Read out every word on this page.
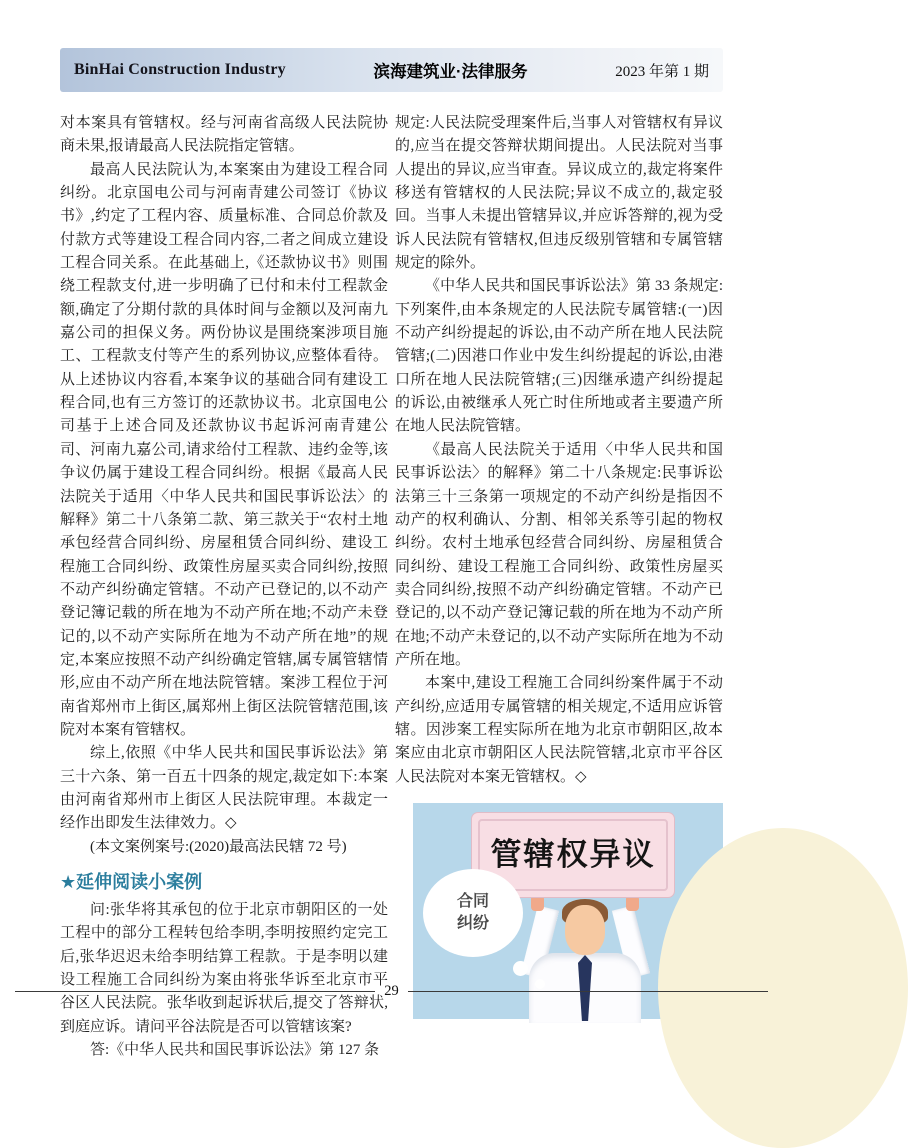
BinHai Construction Industry	滨海建筑业·法律服务	2023 年第 1 期

对本案具有管辖权。经与河南省高级人民法院协商未果,报请最高人民法院指定管辖。

最高人民法院认为,本案案由为建设工程合同纠纷。北京国电公司与河南青建公司签订《协议书》,约定了工程内容、质量标准、合同总价款及付款方式等建设工程合同内容,二者之间成立建设工程合同关系。在此基础上,《还款协议书》则围绕工程款支付,进一步明确了已付和未付工程款金额,确定了分期付款的具体时间与金额以及河南九嘉公司的担保义务。两份协议是围绕案涉项目施工、工程款支付等产生的系列协议,应整体看待。从上述协议内容看,本案争议的基础合同有建设工程合同,也有三方签订的还款协议书。北京国电公司基于上述合同及还款协议书起诉河南青建公司、河南九嘉公司,请求给付工程款、违约金等,该争议仍属于建设工程合同纠纷。根据《最高人民法院关于适用〈中华人民共和国民事诉讼法〉的解释》第二十八条第二款、第三款关于“农村土地承包经营合同纠纷、房屋租赁合同纠纷、建设工程施工合同纠纷、政策性房屋买卖合同纠纷,按照不动产纠纷确定管辖。不动产已登记的,以不动产登记簿记载的所在地为不动产所在地;不动产未登记的,以不动产实际所在地为不动产所在地”的规定,本案应按照不动产纠纷确定管辖,属专属管辖情形,应由不动产所在地法院管辖。案涉工程位于河南省郑州市上街区,属郑州上街区法院管辖范围,该院对本案有管辖权。

综上,依照《中华人民共和国民事诉讼法》第三十六条、第一百五十四条的规定,裁定如下:本案由河南省郑州市上街区人民法院审理。本裁定一经作出即发生法律效力。◇

(本文案例案号:(2020)最高法民辖 72 号)

★延伸阅读小案例

问:张华将其承包的位于北京市朝阳区的一处工程中的部分工程转包给李明,李明按照约定完工后,张华迟迟未给李明结算工程款。于是李明以建设工程施工合同纠纷为案由将张华诉至北京市平谷区人民法院。张华收到起诉状后,提交了答辩状,到庭应诉。请问平谷法院是否可以管辖该案?

答:《中华人民共和国民事诉讼法》第 127 条

规定:人民法院受理案件后,当事人对管辖权有异议的,应当在提交答辩状期间提出。人民法院对当事人提出的异议,应当审查。异议成立的,裁定将案件移送有管辖权的人民法院;异议不成立的,裁定驳回。当事人未提出管辖异议,并应诉答辩的,视为受诉人民法院有管辖权,但违反级别管辖和专属管辖规定的除外。

《中华人民共和国民事诉讼法》第 33 条规定:下列案件,由本条规定的人民法院专属管辖:(一)因不动产纠纷提起的诉讼,由不动产所在地人民法院管辖;(二)因港口作业中发生纠纷提起的诉讼,由港口所在地人民法院管辖;(三)因继承遗产纠纷提起的诉讼,由被继承人死亡时住所地或者主要遗产所在地人民法院管辖。

《最高人民法院关于适用〈中华人民共和国民事诉讼法〉的解释》第二十八条规定:民事诉讼法第三十三条第一项规定的不动产纠纷是指因不动产的权利确认、分割、相邻关系等引起的物权纠纷。农村土地承包经营合同纠纷、房屋租赁合同纠纷、建设工程施工合同纠纷、政策性房屋买卖合同纠纷,按照不动产纠纷确定管辖。不动产已登记的,以不动产登记簿记载的所在地为不动产所在地;不动产未登记的,以不动产实际所在地为不动产所在地。

本案中,建设工程施工合同纠纷案件属于不动产纠纷,应适用专属管辖的相关规定,不适用应诉管辖。因涉案工程实际所在地为北京市朝阳区,故本案应由北京市朝阳区人民法院管辖,北京市平谷区人民法院对本案无管辖权。◇

管辖权异议
合同
纠纷
29
